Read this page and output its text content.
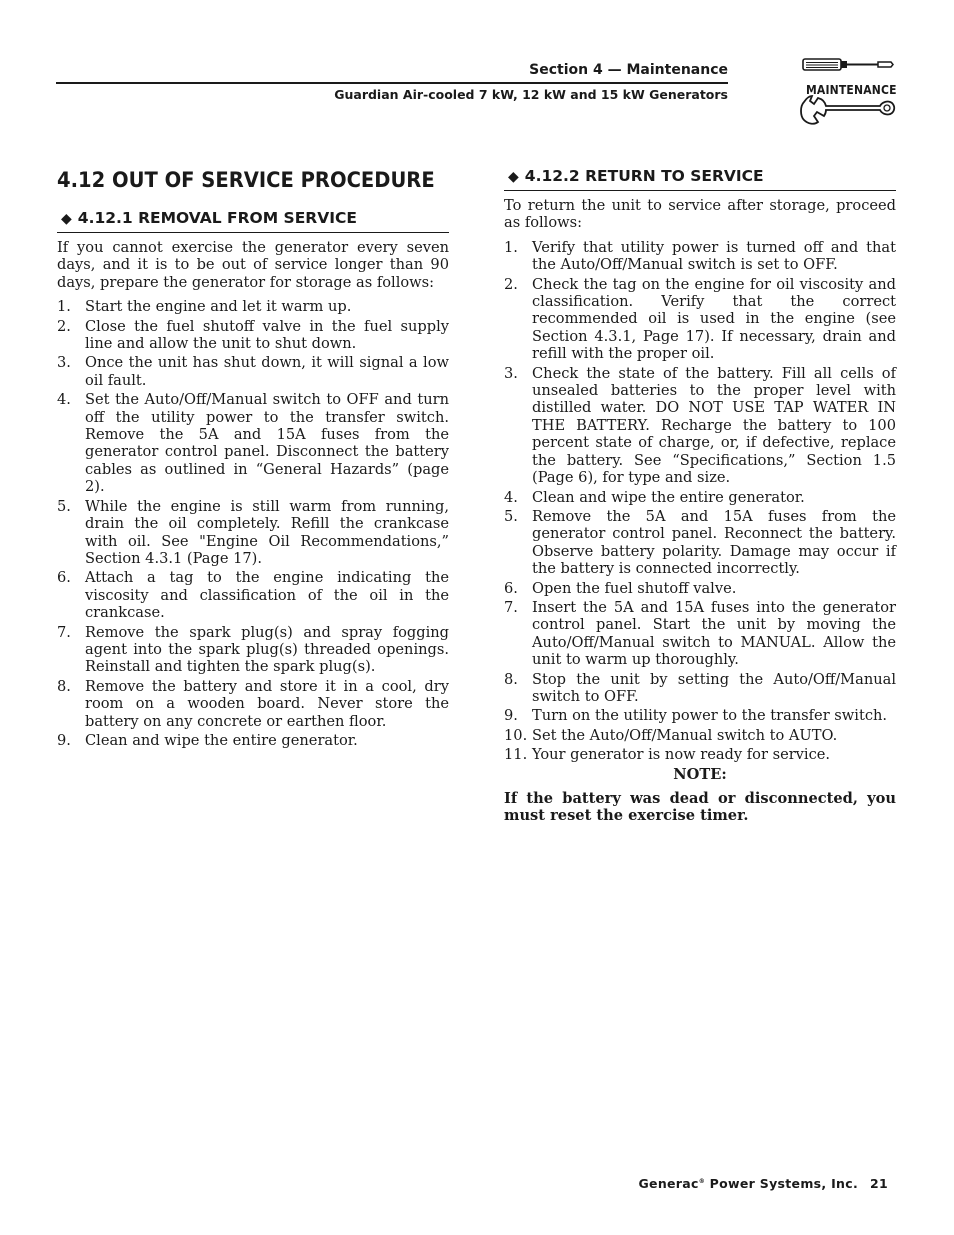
Section 4 — Maintenance
Guardian Air-cooled 7 kW, 12 kW and 15 kW Generators	MAINTENANCE
4.12 OUT OF SERVICE PROCEDURE
◆ 4.12.1 REMOVAL FROM SERVICE

If you cannot exercise the generator every seven days, and it is to be out of service longer than 90 days, prepare the generator for storage as follows:

1. Start the engine and let it warm up.
2. Close the fuel shutoff valve in the fuel supply line and allow the unit to shut down.
3. Once the unit has shut down, it will signal a low oil fault.
4. Set the Auto/Off/Manual switch to OFF and turn off the utility power to the transfer switch. Remove the 5A and 15A fuses from the generator control panel. Disconnect the battery cables as outlined in “General Hazards” (page 2).
5. While the engine is still warm from running, drain the oil completely. Refill the crankcase with oil. See "Engine Oil Recommendations,” Section 4.3.1 (Page 17).
6. Attach a tag to the engine indicating the viscosity and classification of the oil in the crankcase.
7. Remove the spark plug(s) and spray fogging agent into the spark plug(s) threaded openings. Reinstall and tighten the spark plug(s).
8. Remove the battery and store it in a cool, dry room on a wooden board. Never store the battery on any concrete or earthen floor.
9. Clean and wipe the entire generator.
◆ 4.12.2 RETURN TO SERVICE

To return the unit to service after storage, proceed as follows:

1. Verify that utility power is turned off and that the Auto/Off/Manual switch is set to OFF.
2. Check the tag on the engine for oil viscosity and classification. Verify that the correct recommended oil is used in the engine (see Section 4.3.1, Page 17). If necessary, drain and refill with the proper oil.
3. Check the state of the battery. Fill all cells of unsealed batteries to the proper level with distilled water. DO NOT USE TAP WATER IN THE BATTERY. Recharge the battery to 100 percent state of charge, or, if defective, replace the battery. See “Specifications,” Section 1.5 (Page 6), for type and size.
4. Clean and wipe the entire generator.
5. Remove the 5A and 15A fuses from the generator control panel. Reconnect the battery. Observe battery polarity. Damage may occur if the battery is connected incorrectly.
6. Open the fuel shutoff valve.
7. Insert the 5A and 15A fuses into the generator control panel. Start the unit by moving the Auto/Off/Manual switch to MANUAL. Allow the unit to warm up thoroughly.
8. Stop the unit by setting the Auto/Off/Manual switch to OFF.
9. Turn on the utility power to the transfer switch.
10. Set the Auto/Off/Manual switch to AUTO.
11. Your generator is now ready for service.
NOTE:
If the battery was dead or disconnected, you must reset the exercise timer.
Generac® Power Systems, Inc. 21
